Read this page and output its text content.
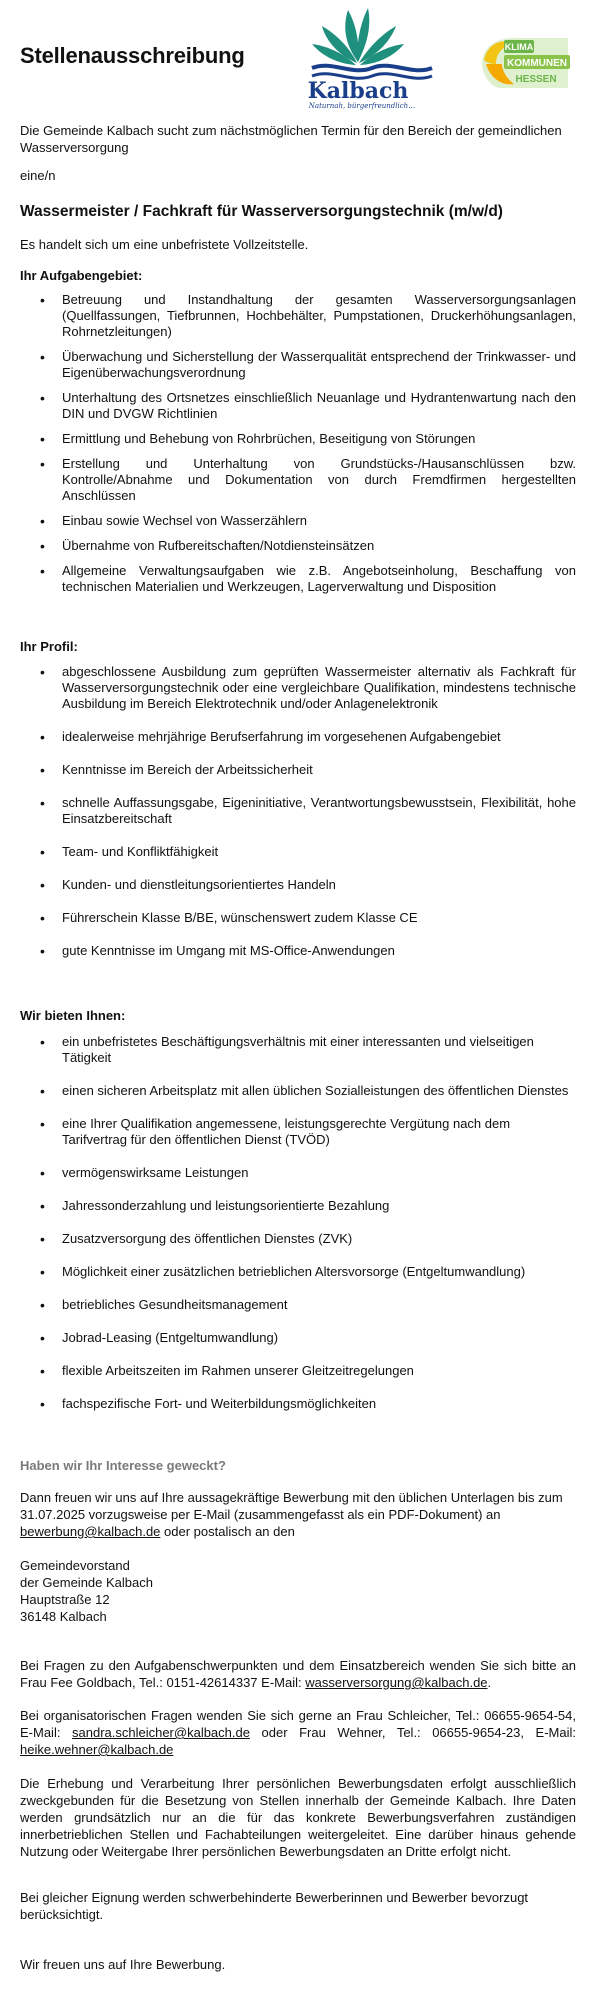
Stellenausschreibung
Kalbach
Naturnah, bürgerfreundlich…
KLIMA
KOMMUNEN
HESSEN

Die Gemeinde Kalbach sucht zum nächstmöglichen Termin für den Bereich der gemeindlichen Wasserversorgung

eine/n

Wassermeister / Fachkraft für Wasserversorgungstechnik (m/w/d)

Es handelt sich um eine unbefristete Vollzeitstelle.

Ihr Aufgabengebiet:

• Betreuung und Instandhaltung der gesamten Wasserversorgungsanlagen (Quellfassungen, Tiefbrunnen, Hochbehälter, Pumpstationen, Druckerhöhungsanlagen, Rohrnetzleitungen)
• Überwachung und Sicherstellung der Wasserqualität entsprechend der Trinkwasser- und Eigenüberwachungsverordnung
• Unterhaltung des Ortsnetzes einschließlich Neuanlage und Hydrantenwartung nach den DIN und DVGW Richtlinien
• Ermittlung und Behebung von Rohrbrüchen, Beseitigung von Störungen
• Erstellung und Unterhaltung von Grundstücks-/Hausanschlüssen bzw. Kontrolle/Abnahme und Dokumentation von durch Fremdfirmen hergestellten Anschlüssen
• Einbau sowie Wechsel von Wasserzählern
• Übernahme von Rufbereitschaften/Notdiensteinsätzen
• Allgemeine Verwaltungsaufgaben wie z.B. Angebotseinholung, Beschaffung von technischen Materialien und Werkzeugen, Lagerverwaltung und Disposition

Ihr Profil:

• abgeschlossene Ausbildung zum geprüften Wassermeister alternativ als Fachkraft für Wasserversorgungstechnik oder eine vergleichbare Qualifikation, mindestens technische Ausbildung im Bereich Elektrotechnik und/oder Anlagenelektronik
• idealerweise mehrjährige Berufserfahrung im vorgesehenen Aufgabengebiet
• Kenntnisse im Bereich der Arbeitssicherheit
• schnelle Auffassungsgabe, Eigeninitiative, Verantwortungsbewusstsein, Flexibilität, hohe Einsatzbereitschaft
• Team- und Konfliktfähigkeit
• Kunden- und dienstleitungsorientiertes Handeln
• Führerschein Klasse B/BE, wünschenswert zudem Klasse CE
• gute Kenntnisse im Umgang mit MS-Office-Anwendungen

Wir bieten Ihnen:

• ein unbefristetes Beschäftigungsverhältnis mit einer interessanten und vielseitigen Tätigkeit
• einen sicheren Arbeitsplatz mit allen üblichen Sozialleistungen des öffentlichen Dienstes
• eine Ihrer Qualifikation angemessene, leistungsgerechte Vergütung nach dem Tarifvertrag für den öffentlichen Dienst (TVÖD)
• vermögenswirksame Leistungen
• Jahressonderzahlung und leistungsorientierte Bezahlung
• Zusatzversorgung des öffentlichen Dienstes (ZVK)
• Möglichkeit einer zusätzlichen betrieblichen Altersvorsorge (Entgeltumwandlung)
• betriebliches Gesundheitsmanagement
• Jobrad-Leasing (Entgeltumwandlung)
• flexible Arbeitszeiten im Rahmen unserer Gleitzeitregelungen
• fachspezifische Fort- und Weiterbildungsmöglichkeiten

Haben wir Ihr Interesse geweckt?

Dann freuen wir uns auf Ihre aussagekräftige Bewerbung mit den üblichen Unterlagen bis zum 31.07.2025 vorzugsweise per E-Mail (zusammengefasst als ein PDF-Dokument) an bewerbung@kalbach.de oder postalisch an den

Gemeindevorstand
der Gemeinde Kalbach
Hauptstraße 12
36148 Kalbach

Bei Fragen zu den Aufgabenschwerpunkten und dem Einsatzbereich wenden Sie sich bitte an Frau Fee Goldbach, Tel.: 0151-42614337 E-Mail: wasserversorgung@kalbach.de.

Bei organisatorischen Fragen wenden Sie sich gerne an Frau Schleicher, Tel.: 06655-9654-54, E-Mail: sandra.schleicher@kalbach.de oder Frau Wehner, Tel.: 06655-9654-23, E-Mail: heike.wehner@kalbach.de

Die Erhebung und Verarbeitung Ihrer persönlichen Bewerbungsdaten erfolgt ausschließlich zweckgebunden für die Besetzung von Stellen innerhalb der Gemeinde Kalbach. Ihre Daten werden grundsätzlich nur an die für das konkrete Bewerbungsverfahren zuständigen innerbetrieblichen Stellen und Fachabteilungen weitergeleitet. Eine darüber hinaus gehende Nutzung oder Weitergabe Ihrer persönlichen Bewerbungsdaten an Dritte erfolgt nicht.

Bei gleicher Eignung werden schwerbehinderte Bewerberinnen und Bewerber bevorzugt berücksichtigt.

Wir freuen uns auf Ihre Bewerbung.
